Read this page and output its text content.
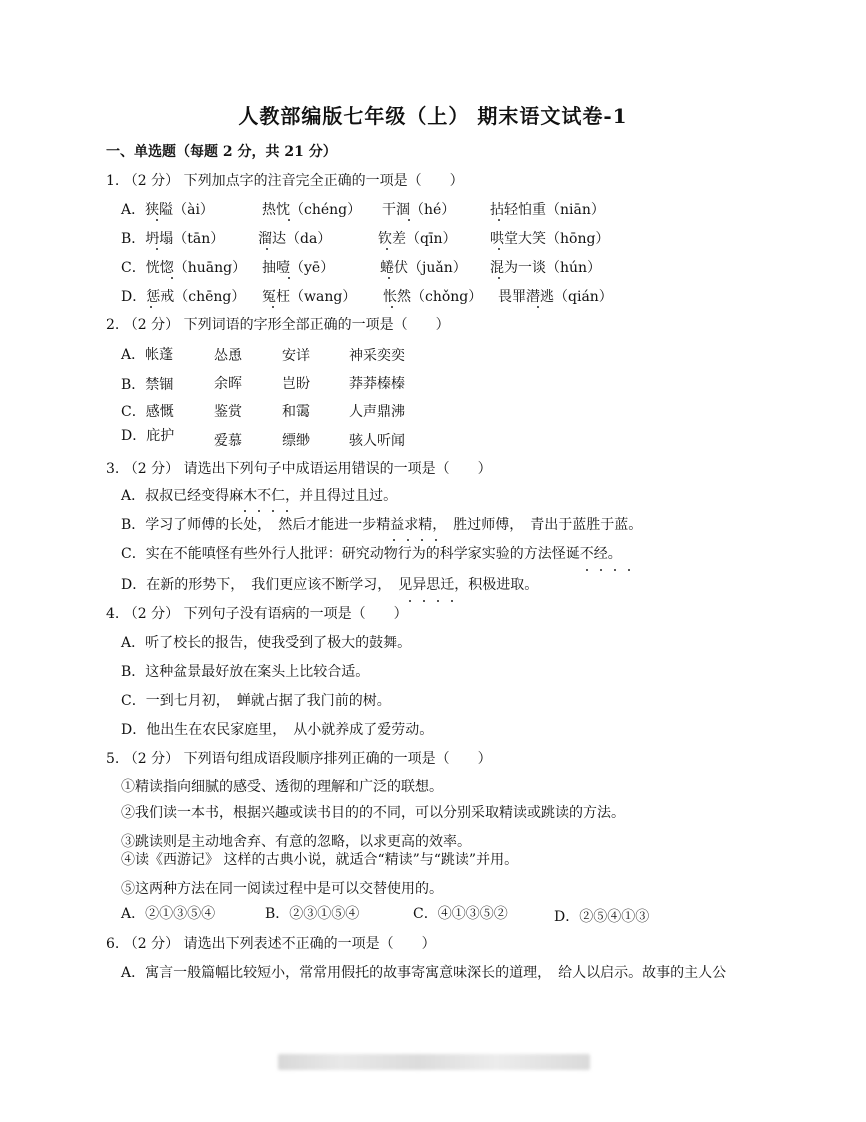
人教部编版七年级（上） 期末语文试卷-1
一、单选题（每题 2 分，共 21 分）
1. （2 分） 下列加点字的注音完全正确的一项是（　　）
A．狭隘（ài）	热忱（chéng） 干涸（hé） 拈轻怕重（niān）
B．坍塌（tān） 溜达（da）	钦差（qīn） 哄堂大笑（hōng）
C．恍惚（huāng） 抽噎（yē）	蜷伏（juǎn） 混为一谈（hún）
D．惩戒（chēng） 冤枉（wang） 怅然（chǒng） 畏罪潜逃（qián）
2. （2 分） 下列词语的字形全部正确的一项是（　　）
A．帐蓬	怂恿	安详	神采奕奕
B．禁锢	余晖	岂盼	莽莽榛榛
C．感慨	鉴赏	和霭	人声鼎沸
D．庇护	爱慕	缥缈	骇人听闻
3. （2 分） 请选出下列句子中成语运用错误的一项是（　　）
A．叔叔已经变得麻木不仁，并且得过且过。
B．学习了师傅的长处，　然后才能进一步精益求精，　胜过师傅，　青出于蓝胜于蓝。
C．实在不能嗔怪有些外行人批评：研究动物行为的科学家实验的方法怪诞不经。
D．在新的形势下，　我们更应该不断学习，　见异思迁，积极进取。
4. （2 分） 下列句子没有语病的一项是（　　）
A．听了校长的报告，使我受到了极大的鼓舞。
B．这种盆景最好放在案头上比较合适。
C．一到七月初，　蝉就占据了我门前的树。
D．他出生在农民家庭里，　从小就养成了爱劳动。
5. （2 分） 下列语句组成语段顺序排列正确的一项是（　　）
①精读指向细腻的感受、透彻的理解和广泛的联想。
②我们读一本书，根据兴趣或读书目的的不同，可以分别采取精读或跳读的方法。
③跳读则是主动地舍弃、有意的忽略，以求更高的效率。
④读《西游记》 这样的古典小说，就适合“精读”与“跳读”并用。
⑤这两种方法在同一阅读过程中是可以交替使用的。
A．②①③⑤④	B．②③①⑤④	C．④①③⑤②	D．②⑤④①③
6. （2 分） 请选出下列表述不正确的一项是（　　）
A．寓言一般篇幅比较短小，常常用假托的故事寄寓意味深长的道理，　给人以启示。故事的主人公
